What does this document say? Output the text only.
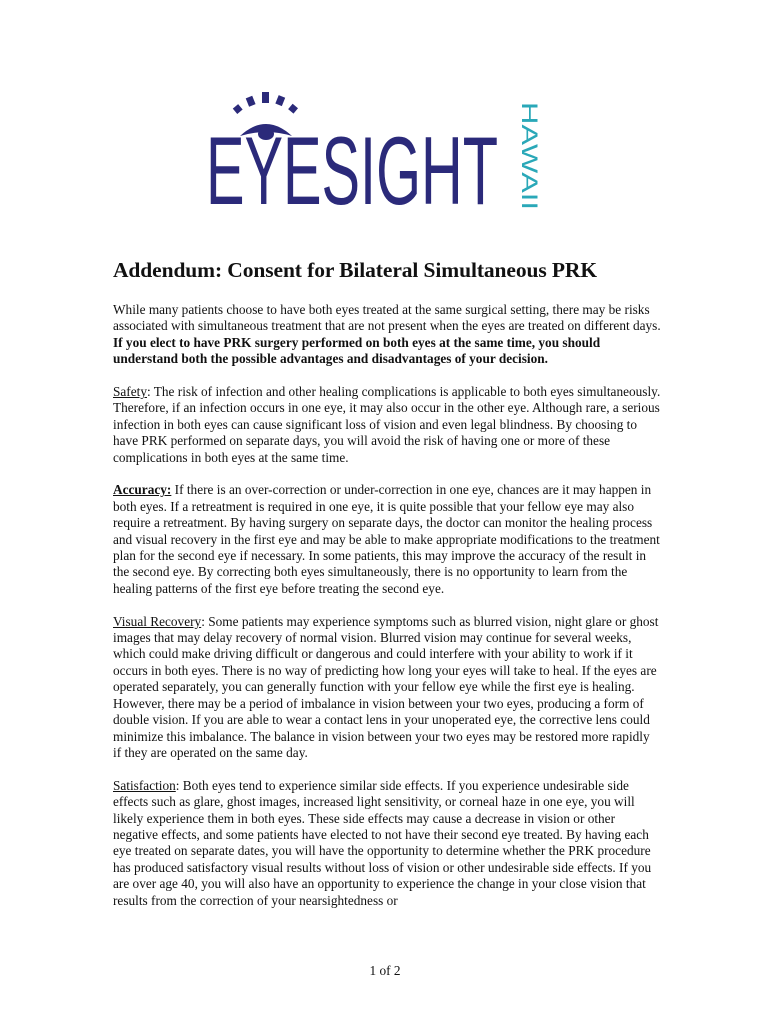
EYESIGHT HAWAII
Addendum: Consent for Bilateral Simultaneous PRK

While many patients choose to have both eyes treated at the same surgical setting, there may be risks associated with simultaneous treatment that are not present when the eyes are treated on different days. If you elect to have PRK surgery performed on both eyes at the same time, you should understand both the possible advantages and disadvantages of your decision.

Safety: The risk of infection and other healing complications is applicable to both eyes simultaneously. Therefore, if an infection occurs in one eye, it may also occur in the other eye. Although rare, a serious infection in both eyes can cause significant loss of vision and even legal blindness. By choosing to have PRK performed on separate days, you will avoid the risk of having one or more of these complications in both eyes at the same time.

Accuracy: If there is an over-correction or under-correction in one eye, chances are it may happen in both eyes. If a retreatment is required in one eye, it is quite possible that your fellow eye may also require a retreatment. By having surgery on separate days, the doctor can monitor the healing process and visual recovery in the first eye and may be able to make appropriate modifications to the treatment plan for the second eye if necessary. In some patients, this may improve the accuracy of the result in the second eye. By correcting both eyes simultaneously, there is no opportunity to learn from the healing patterns of the first eye before treating the second eye.

Visual Recovery: Some patients may experience symptoms such as blurred vision, night glare or ghost images that may delay recovery of normal vision. Blurred vision may continue for several weeks, which could make driving difficult or dangerous and could interfere with your ability to work if it occurs in both eyes. There is no way of predicting how long your eyes will take to heal. If the eyes are operated separately, you can generally function with your fellow eye while the first eye is healing. However, there may be a period of imbalance in vision between your two eyes, producing a form of double vision. If you are able to wear a contact lens in your unoperated eye, the corrective lens could minimize this imbalance. The balance in vision between your two eyes may be restored more rapidly if they are operated on the same day.

Satisfaction: Both eyes tend to experience similar side effects. If you experience undesirable side effects such as glare, ghost images, increased light sensitivity, or corneal haze in one eye, you will likely experience them in both eyes. These side effects may cause a decrease in vision or other negative effects, and some patients have elected to not have their second eye treated. By having each eye treated on separate dates, you will have the opportunity to determine whether the PRK procedure has produced satisfactory visual results without loss of vision or other undesirable side effects. If you are over age 40, you will also have an opportunity to experience the change in your close vision that results from the correction of your nearsightedness or

1 of 2
